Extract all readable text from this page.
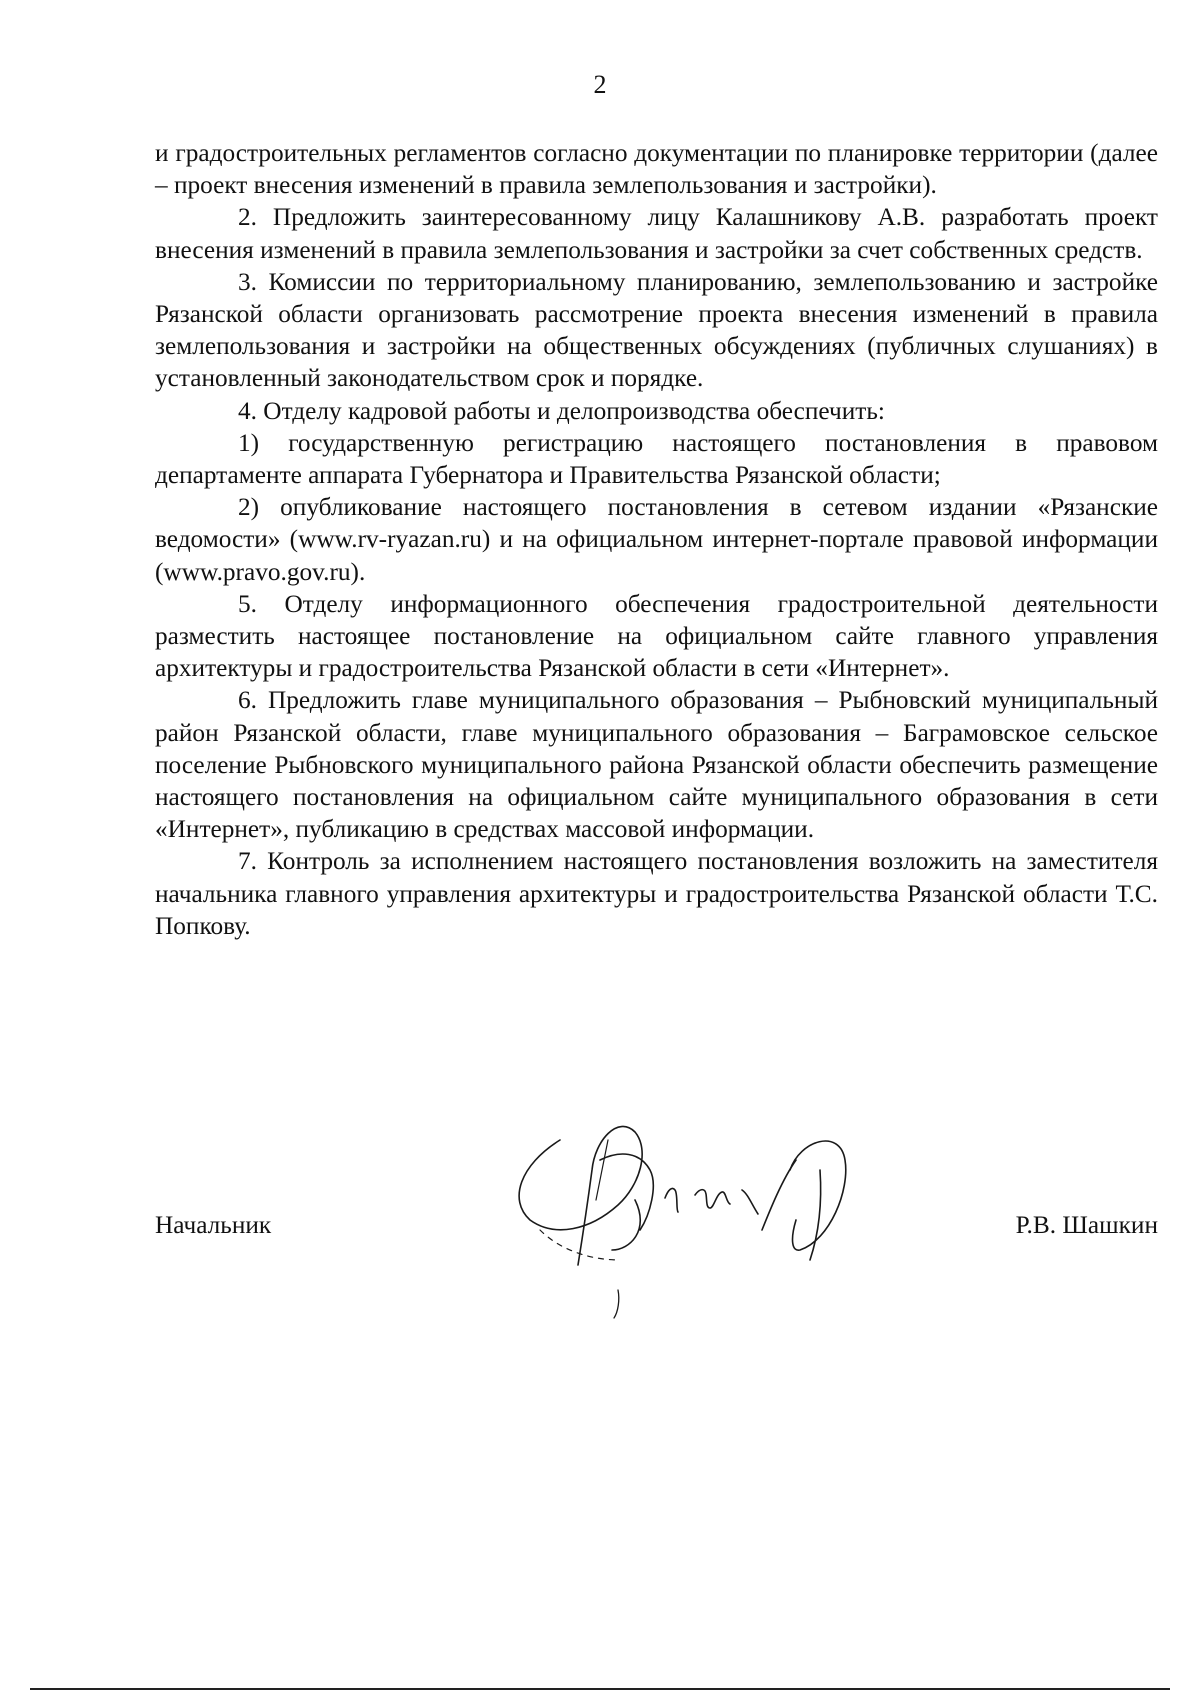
2

и градостроительных регламентов согласно документации по планировке территории (далее – проект внесения изменений в правила землепользования и застройки).

2. Предложить заинтересованному лицу Калашникову А.В. разработать проект внесения изменений в правила землепользования и застройки за счет собственных средств.

3. Комиссии по территориальному планированию, землепользованию и застройке Рязанской области организовать рассмотрение проекта внесения изменений в правила землепользования и застройки на общественных обсуждениях (публичных слушаниях) в установленный законодательством срок и порядке.

4. Отделу кадровой работы и делопроизводства обеспечить:

1) государственную регистрацию настоящего постановления в правовом департаменте аппарата Губернатора и Правительства Рязанской области;

2) опубликование настоящего постановления в сетевом издании «Рязанские ведомости» (www.rv-ryazan.ru) и на официальном интернет-портале правовой информации (www.pravo.gov.ru).

5. Отделу информационного обеспечения градостроительной деятельности разместить настоящее постановление на официальном сайте главного управления архитектуры и градостроительства Рязанской области в сети «Интернет».

6. Предложить главе муниципального образования – Рыбновский муниципальный район Рязанской области, главе муниципального образования – Баграмовское сельское поселение Рыбновского муниципального района Рязанской области обеспечить размещение настоящего постановления на официальном сайте муниципального образования в сети «Интернет», публикацию в средствах массовой информации.

7. Контроль за исполнением настоящего постановления возложить на заместителя начальника главного управления архитектуры и градостроительства Рязанской области Т.С. Попкову.

Начальник	Р.В. Шашкин
